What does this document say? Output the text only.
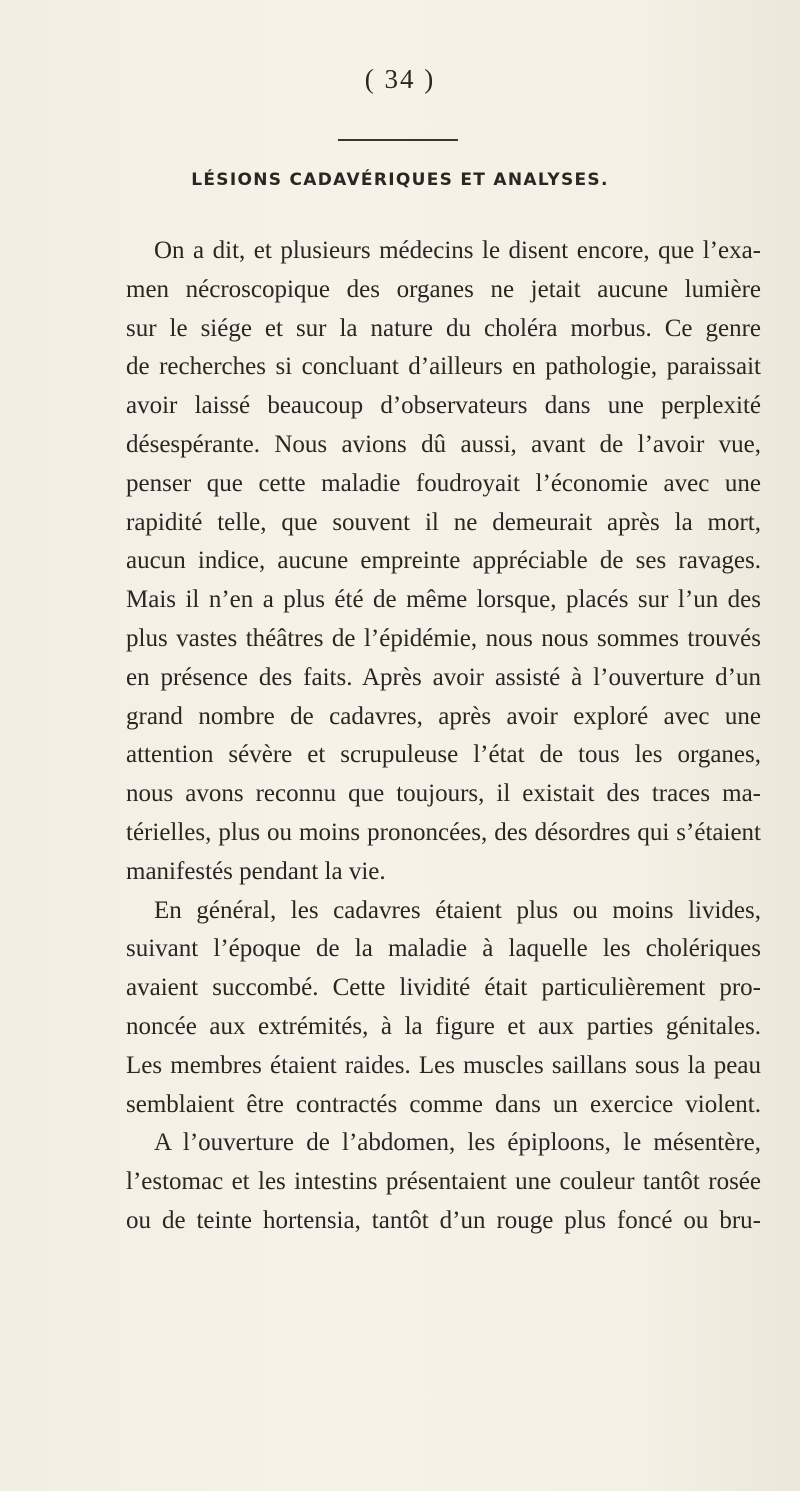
( 34 )
LÉSIONS CADAVÉRIQUES ET ANALYSES.
On a dit, et plusieurs médecins le disent encore, que l’exa-
men nécroscopique des organes ne jetait aucune lumière
sur le siége et sur la nature du choléra morbus. Ce genre
de recherches si concluant d’ailleurs en pathologie, paraissait
avoir laissé beaucoup d’observateurs dans une perplexité
désespérante. Nous avions dû aussi, avant de l’avoir vue,
penser que cette maladie foudroyait l’économie avec une
rapidité telle, que souvent il ne demeurait après la mort,
aucun indice, aucune empreinte appréciable de ses ravages.
Mais il n’en a plus été de même lorsque, placés sur l’un des
plus vastes théâtres de l’épidémie, nous nous sommes trouvés
en présence des faits. Après avoir assisté à l’ouverture d’un
grand nombre de cadavres, après avoir exploré avec une
attention sévère et scrupuleuse l’état de tous les organes,
nous avons reconnu que toujours, il existait des traces ma-
térielles, plus ou moins prononcées, des désordres qui s’étaient
manifestés pendant la vie.
En général, les cadavres étaient plus ou moins livides,
suivant l’époque de la maladie à laquelle les cholériques
avaient succombé. Cette lividité était particulièrement pro-
noncée aux extrémités, à la figure et aux parties génitales.
Les membres étaient raides. Les muscles saillans sous la peau
semblaient être contractés comme dans un exercice violent.
A l’ouverture de l’abdomen, les épiploons, le mésentère,
l’estomac et les intestins présentaient une couleur tantôt rosée
ou de teinte hortensia, tantôt d’un rouge plus foncé ou bru-
